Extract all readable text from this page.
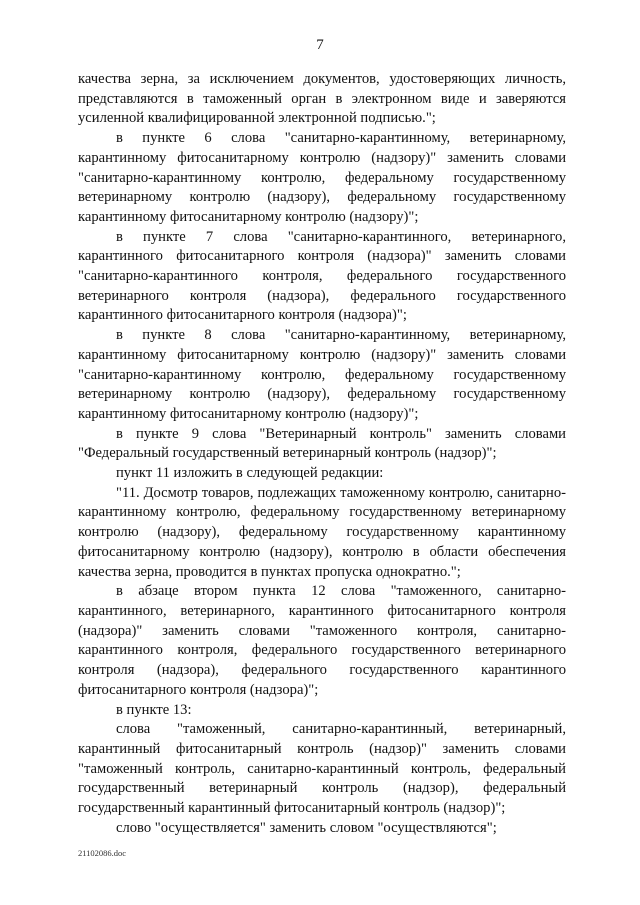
7

качества зерна, за исключением документов, удостоверяющих личность, представляются в таможенный орган в электронном виде и заверяются усиленной квалифицированной электронной подписью.";

в пункте 6 слова "санитарно-карантинному, ветеринарному, карантинному фитосанитарному контролю (надзору)" заменить словами "санитарно-карантинному контролю, федеральному государственному ветеринарному контролю (надзору), федеральному государственному карантинному фитосанитарному контролю (надзору)";

в пункте 7 слова "санитарно-карантинного, ветеринарного, карантинного фитосанитарного контроля (надзора)" заменить словами "санитарно-карантинного контроля, федерального государственного ветеринарного контроля (надзора), федерального государственного карантинного фитосанитарного контроля (надзора)";

в пункте 8 слова "санитарно-карантинному, ветеринарному, карантинному фитосанитарному контролю (надзору)" заменить словами "санитарно-карантинному контролю, федеральному государственному ветеринарному контролю (надзору), федеральному государственному карантинному фитосанитарному контролю (надзору)";

в пункте 9 слова "Ветеринарный контроль" заменить словами "Федеральный государственный ветеринарный контроль (надзор)";

пункт 11 изложить в следующей редакции:

"11. Досмотр товаров, подлежащих таможенному контролю, санитарно-карантинному контролю, федеральному государственному ветеринарному контролю (надзору), федеральному государственному карантинному фитосанитарному контролю (надзору), контролю в области обеспечения качества зерна, проводится в пунктах пропуска однократно.";

в абзаце втором пункта 12 слова "таможенного, санитарно-карантинного, ветеринарного, карантинного фитосанитарного контроля (надзора)" заменить словами "таможенного контроля, санитарно-карантинного контроля, федерального государственного ветеринарного контроля (надзора), федерального государственного карантинного фитосанитарного контроля (надзора)";

в пункте 13:

слова "таможенный, санитарно-карантинный, ветеринарный, карантинный фитосанитарный контроль (надзор)" заменить словами "таможенный контроль, санитарно-карантинный контроль, федеральный государственный ветеринарный контроль (надзор), федеральный государственный карантинный фитосанитарный контроль (надзор)";

слово "осуществляется" заменить словом "осуществляются";

21102086.doc
